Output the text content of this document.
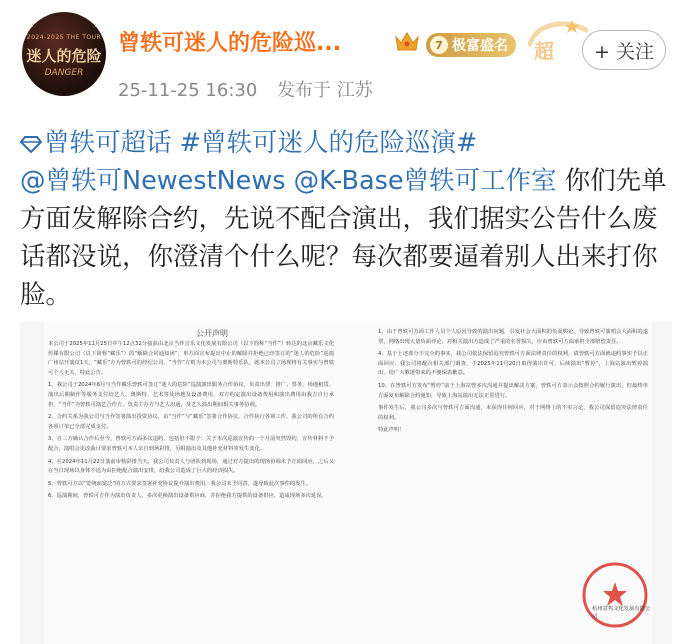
2024-2025 THE TOUR
迷人的危险
DANGER
曾轶可迷人的危险巡...	7 极富盛名 超	+ 关注
25-11-25 16:30 发布于 江苏
曾轶可超话 #曾轶可迷人的危险巡演#
@曾轶可NewestNews @K-Base曾轶可工作室 你们先单方面发解除合约，先说不配合演出，我们据实公告什么废话都没说，你澄清个什么呢？每次都要逼着别人出来打你脸。
公开声明

本公司于2025年11月25日中午12点32分接获由北京当作音乐文化发展有限公司（以下简称“当作”）转达的北京藏乐文化传媒有限公司（以下简称“藏乐”）的“解除合同通知函”，单方面宣布提出中止的解除并拒绝已经签订的“迷人的危险”巡演广州站开演仅1天，“藏乐”方为曾轶可的经纪公司，“当作”方则为本公司与奥斯特乐队，就本公司立场现将有关事实与曾轶可个人无关，特此公告。

1、我公司于2024年6月与当作藏乐曾轶可签订“迷人的危险”巡演演出服务合作协议，负责出票、推广、票务、场地租赁、演出后期制作等服务支付给艺人、奥斯特、艺术等及场地及设备费用，双方约定演出设备费用和演出费用由我方自行承担，“当作”为曾轶可演艺合作方，负责主办方与艺人沟通，及艺人演出期间相关事务协调。

2、合约关系为我公司与当作签署演出投资协议，由“当作”与“藏乐”签署合作协议，合作执行各项工作，我公司的所有合约各项订单已全部完成支付。

3、自三方确认合作后至今，曾轶可方面多次违约，包括但不限于：关于本次巡演宣传的一个月前突然毁约，宣传材料不予配合，演唱会更改曲目要求曾轶可本人亲自到场彩排，另附演出及其他补充材料等发生变化。

4、在2024年11月22日演前审核彩排当天，我公司负责人与团队到现场，通过对方提出的现场协调未予正面回应，之后又在当日现场以身体不适为由拒绝配合演出安排，给我公司造成了巨大的经济损失。

5、曾轶可方以“笼统而宽泛”的方式要求签署补充协议提升演出费用，我公司未予同意，遂导致此次事件的发生。

6、巡演期间，曾轶可方作为演出负责人，多次更换演出设备供应商，并拒绝我方提供的设备供应，造成现场多次延误。

1、由于曾轶可方面工作人员个人原因导致的演出问题，引发社会大面积的负面舆论，导致曾轶可演唱会大面积的退票，网络出现大量负面评论，对相关演出方造成了严重的名誉损失，应由曾轶可方面承担全部赔偿责任。

4、基于上述部分不完全的事实，我公司依法保留追究曾轶可方面法律责任的权利，请曾轶可方面就违约事实予以正面回应，我公司将配合相关部门调查，于2025年11月20日取得演出许可，后续演出“暂停”，上海站演出暂停演出，给广大歌迷带来的不便深表歉意。

10、在曾轶可方发布“暂停”前于上海站曾多次沟通并提出解决方案，曾轶可方表示会按照合约履行演出，但最终单方面发布解除合约通知，导致上海站演出无法正常进行。

事件发生后，我公司多次与曾轶可方面沟通，未获得任何回应，对于网络上的不实言论，我公司保留追究法律责任的权利。

特此声明！

杭州意隽文化发展有限公司
